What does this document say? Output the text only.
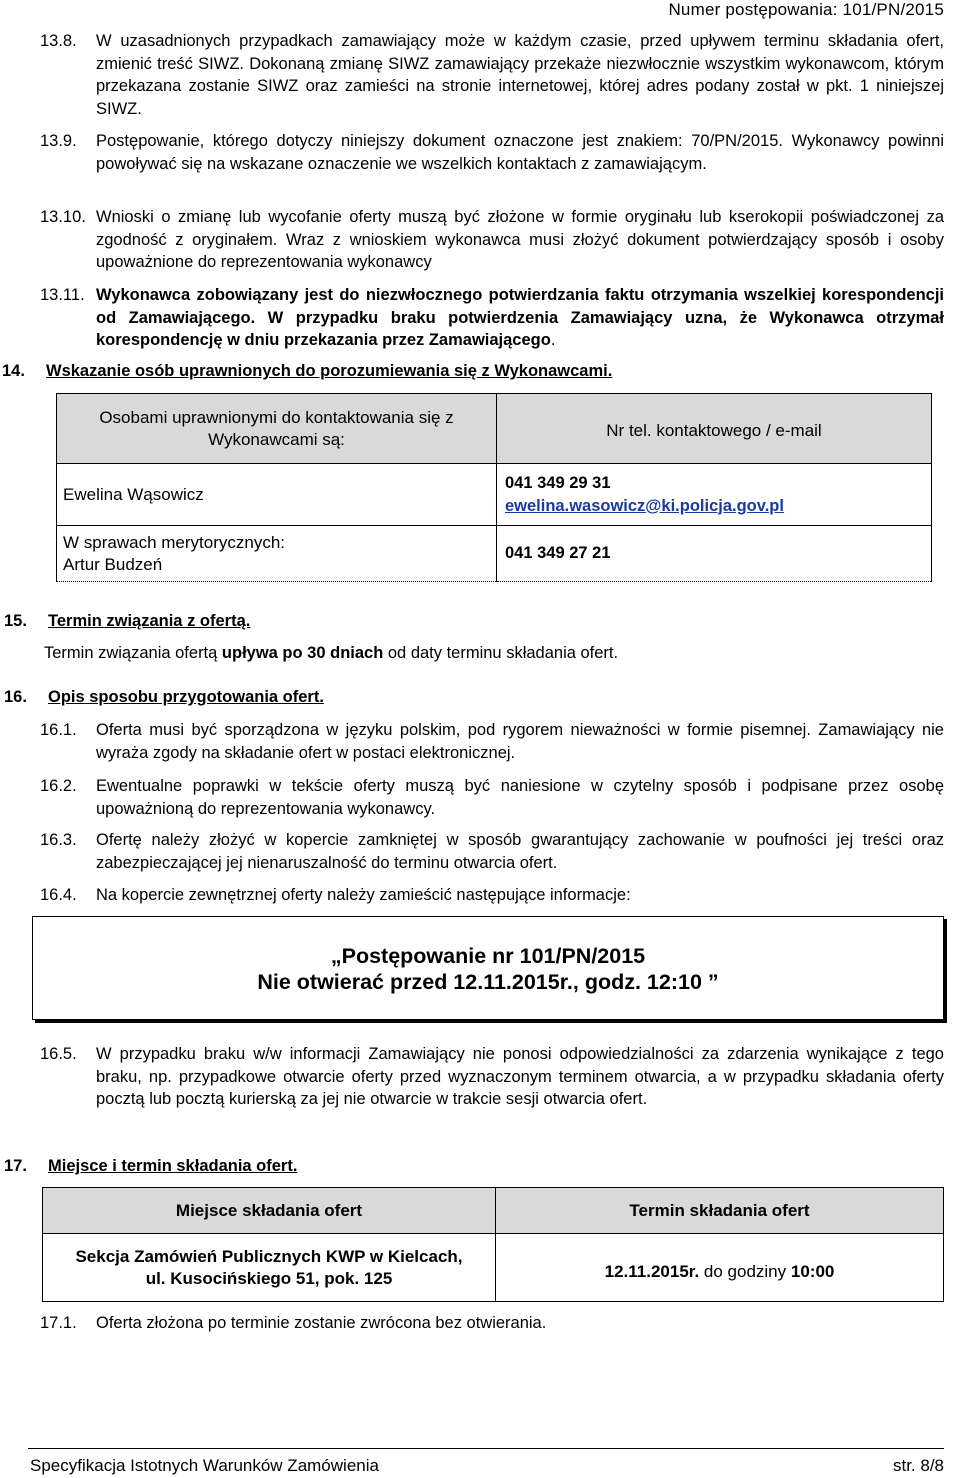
Numer postępowania: 101/PN/2015
13.8. W uzasadnionych przypadkach zamawiający może w każdym czasie, przed upływem terminu składania ofert, zmienić treść SIWZ. Dokonaną zmianę SIWZ zamawiający przekaże niezwłocznie wszystkim wykonawcom, którym przekazana zostanie SIWZ oraz zamieści na stronie internetowej, której adres podany został w pkt. 1 niniejszej SIWZ.
13.9. Postępowanie, którego dotyczy niniejszy dokument oznaczone jest znakiem: 70/PN/2015. Wykonawcy powinni powoływać się na wskazane oznaczenie we wszelkich kontaktach z zamawiającym.
13.10. Wnioski o zmianę lub wycofanie oferty muszą być złożone w formie oryginału lub kserokopii poświadczonej za zgodność z oryginałem. Wraz z wnioskiem wykonawca musi złożyć dokument potwierdzający sposób i osoby upoważnione do reprezentowania wykonawcy
13.11. Wykonawca zobowiązany jest do niezwłocznego potwierdzania faktu otrzymania wszelkiej korespondencji od Zamawiającego. W przypadku braku potwierdzenia Zamawiający uzna, że Wykonawca otrzymał korespondencję w dniu przekazania przez Zamawiającego.
14. Wskazanie osób uprawnionych do porozumiewania się z Wykonawcami.
Osobami uprawnionymi do kontaktowania się z Wykonawcami są:	Nr tel. kontaktowego / e-mail
Ewelina Wąsowicz	041 349 29 31
ewelina.wasowicz@ki.policja.gov.pl

W sprawach merytorycznych:
Artur Budzeń	041 349 27 21
15. Termin związania z ofertą.
Termin związania ofertą upływa po 30 dniach od daty terminu składania ofert.
16. Opis sposobu przygotowania ofert.
16.1. Oferta musi być sporządzona w języku polskim, pod rygorem nieważności w formie pisemnej. Zamawiający nie wyraża zgody na składanie ofert w postaci elektronicznej.
16.2. Ewentualne poprawki w tekście oferty muszą być naniesione w czytelny sposób i podpisane przez osobę upoważnioną do reprezentowania wykonawcy.
16.3. Ofertę należy złożyć w kopercie zamkniętej w sposób gwarantujący zachowanie w poufności jej treści oraz zabezpieczającej jej nienaruszalność do terminu otwarcia ofert.
16.4. Na kopercie zewnętrznej oferty należy zamieścić następujące informacje:
„Postępowanie nr 101/PN/2015
Nie otwierać przed 12.11.2015r., godz. 12:10 ”
16.5. W przypadku braku w/w informacji Zamawiający nie ponosi odpowiedzialności za zdarzenia wynikające z tego braku, np. przypadkowe otwarcie oferty przed wyznaczonym terminem otwarcia, a w przypadku składania oferty pocztą lub pocztą kurierską za jej nie otwarcie w trakcie sesji otwarcia ofert.
17. Miejsce i termin składania ofert.
Miejsce składania ofert	Termin składania ofert

Sekcja Zamówień Publicznych KWP w Kielcach,
ul. Kusocińskiego 51, pok. 125	12.11.2015r. do godziny 10:00
17.1. Oferta złożona po terminie zostanie zwrócona bez otwierania.
Specyfikacja Istotnych Warunków Zamówienia	str. 8/8
